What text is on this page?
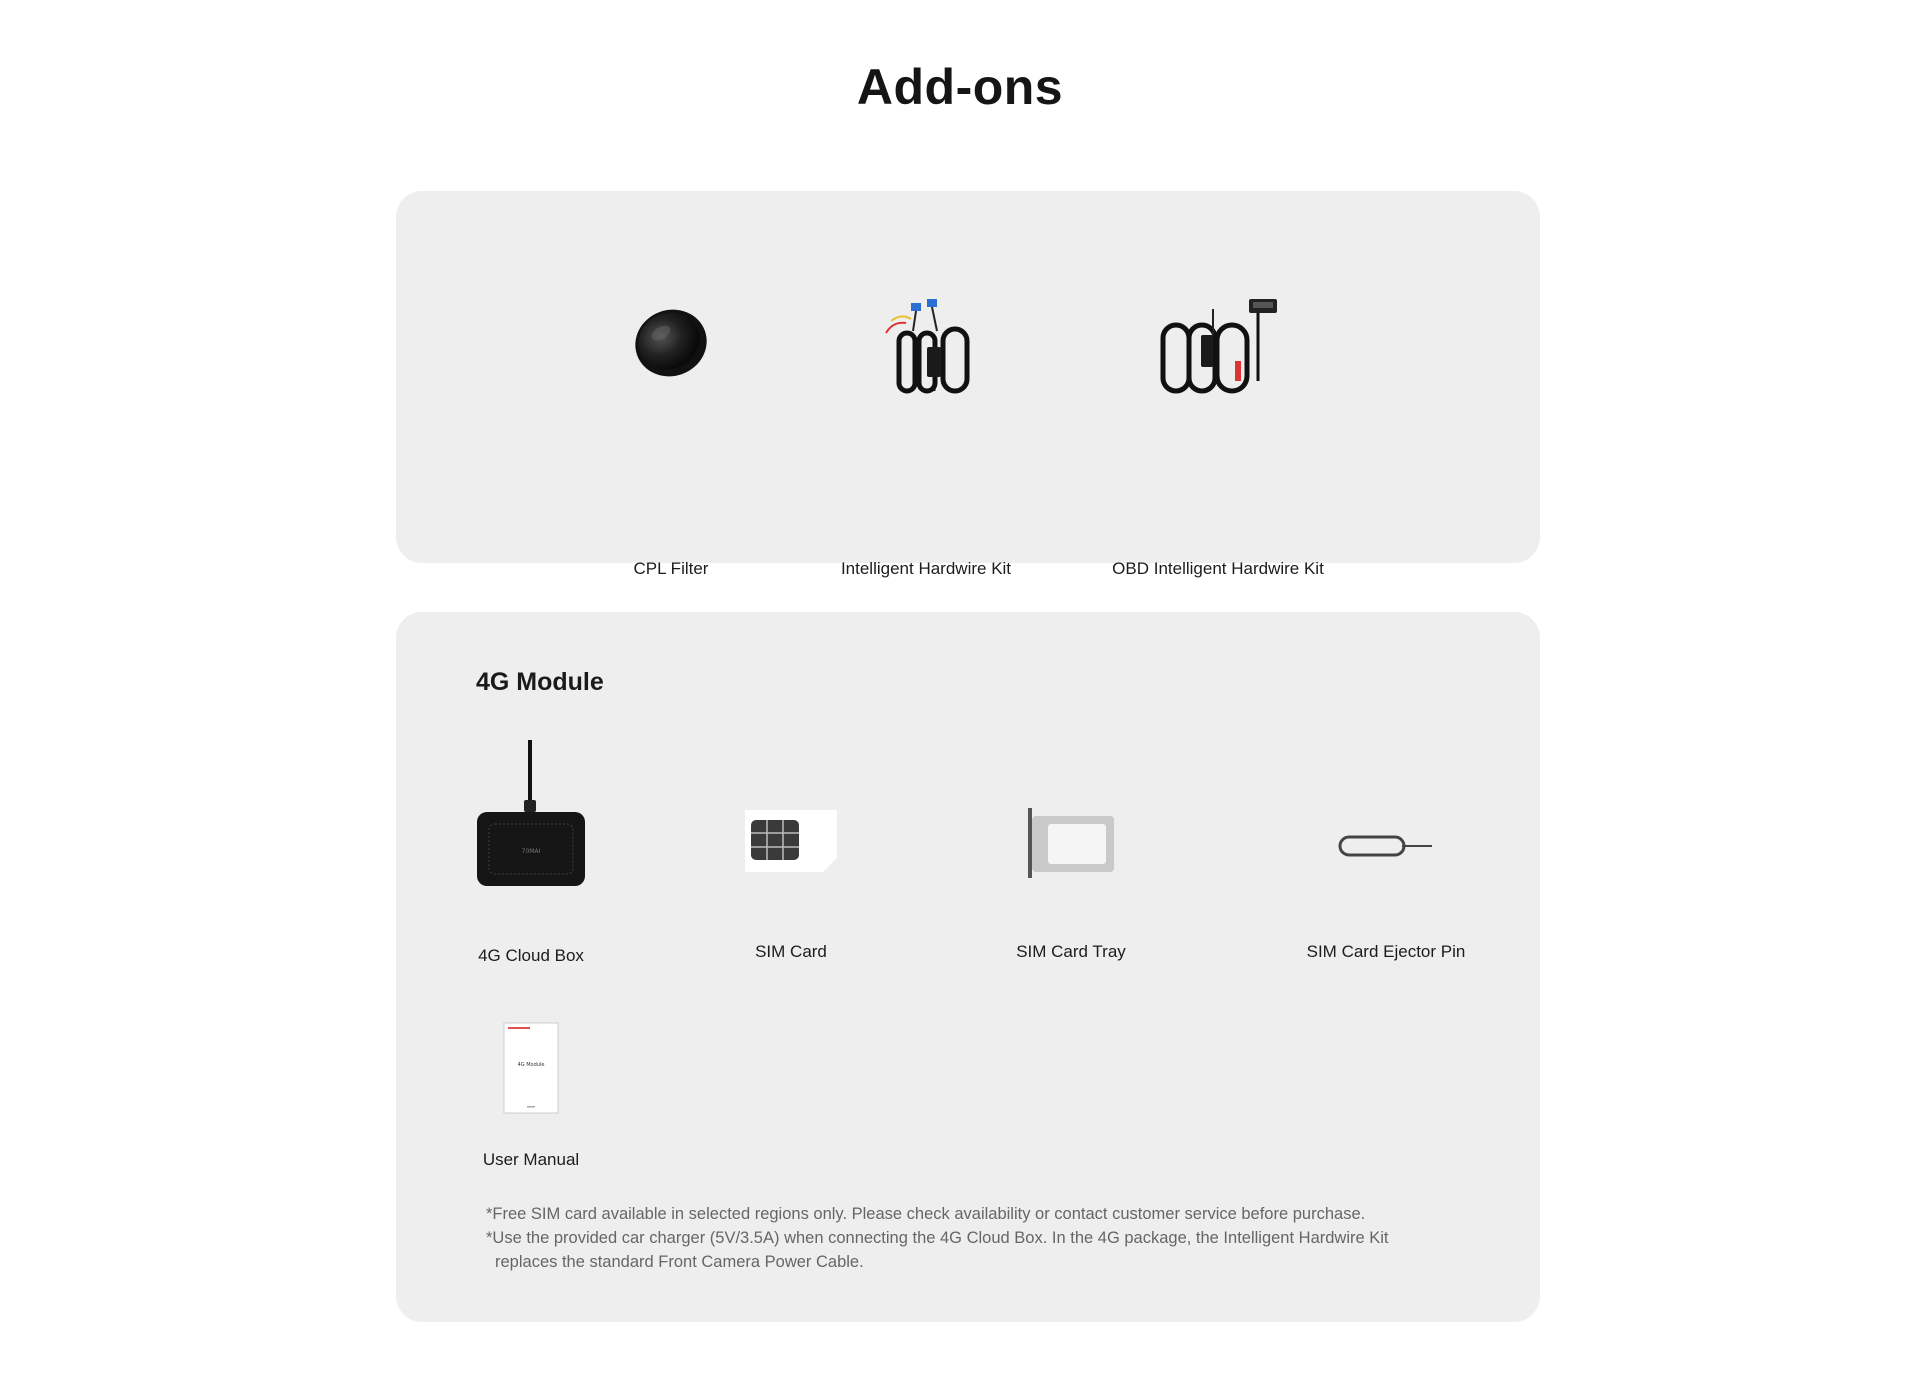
Add-ons
CPL Filter	Intelligent Hardwire Kit	OBD Intelligent Hardwire Kit
4G Module
70MAI
4G Cloud Box	SIM Card	SIM Card Tray	SIM Card Ejector Pin
4G Module
User Manual

*Free SIM card available in selected regions only. Please check availability or contact customer service before purchase.

*Use the provided car charger (5V/3.5A) when connecting the 4G Cloud Box. In the 4G package, the Intelligent Hardwire Kit

replaces the standard Front Camera Power Cable.
